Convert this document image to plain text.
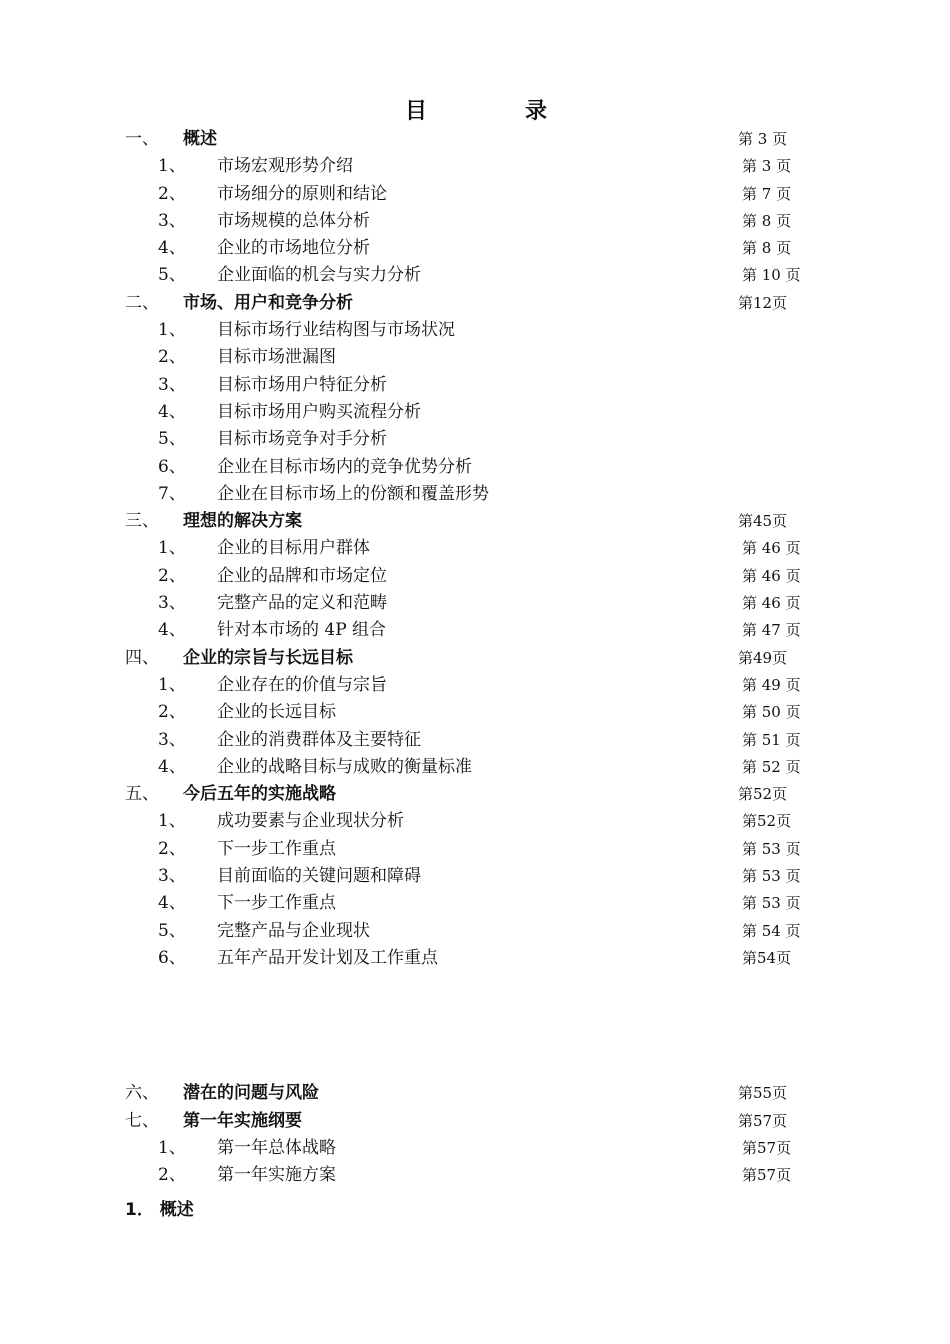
目　录
一、 概述	第 3 页
1、 市场宏观形势介绍	第 3 页
2、 市场细分的原则和结论	第 7 页
3、 市场规模的总体分析	第 8 页
4、 企业的市场地位分析	第 8 页
5、 企业面临的机会与实力分析	第 10 页
二、 市场、用户和竞争分析	第12页
1、 目标市场行业结构图与市场状况
2、 目标市场泄漏图
3、 目标市场用户特征分析
4、 目标市场用户购买流程分析
5、 目标市场竞争对手分析
6、 企业在目标市场内的竞争优势分析
7、 企业在目标市场上的份额和覆盖形势
三、 理想的解决方案	第45页
1、 企业的目标用户群体	第 46 页
2、 企业的品牌和市场定位	第 46 页
3、 完整产品的定义和范畴	第 46 页
4、 针对本市场的 4P 组合	第 47 页
四、 企业的宗旨与长远目标	第49页
1、 企业存在的价值与宗旨	第 49 页
2、 企业的长远目标	第 50 页
3、 企业的消费群体及主要特征	第 51 页
4、 企业的战略目标与成败的衡量标准	第 52 页
五、 今后五年的实施战略	第52页
1、 成功要素与企业现状分析	第52页
2、 下一步工作重点	第 53 页
3、 目前面临的关键问题和障碍	第 53 页
4、 下一步工作重点	第 53 页
5、 完整产品与企业现状	第 54 页
6、 五年产品开发计划及工作重点	第54页
六、 潜在的问题与风险	第55页
七、 第一年实施纲要	第57页
1、 第一年总体战略	第57页
2、 第一年实施方案	第57页
1． 概述
